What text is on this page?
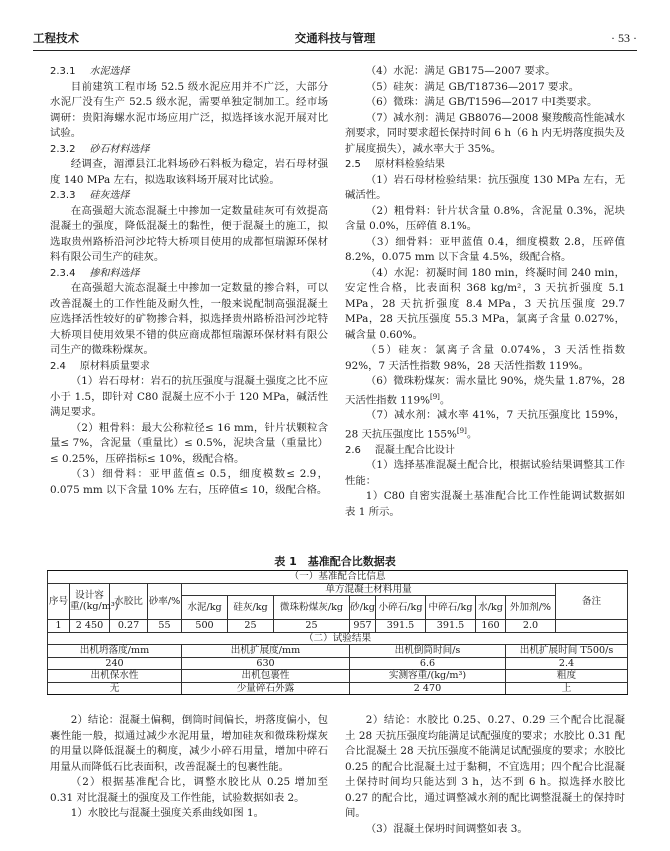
工程技术	交通科技与管理	· 53 ·

2.3.1 水泥选择

目前建筑工程市场 52.5 级水泥应用并不广泛，大部分水泥厂没有生产 52.5 级水泥，需要单独定制加工。经市场调研：贵阳海螺水泥市场应用广泛，拟选择该水泥开展对比试验。

2.3.2 砂石材料选择

经调查，湄潭县江北料场砂石料板为稳定，岩石母材强度 140 MPa 左右，拟选取该料场开展对比试验。

2.3.3 硅灰选择

在高强超大流态混凝土中掺加一定数量硅灰可有效提高混凝土的强度，降低混凝土的黏性，便于混凝土的施工，拟选取贵州路桥沿河沙坨特大桥项目使用的成都恒瑞源环保材料有限公司生产的硅灰。

2.3.4 掺和料选择

在高强超大流态混凝土中掺加一定数量的掺合料，可以改善混凝土的工作性能及耐久性，一般来说配制高强混凝土应选择活性较好的矿物掺合料，拟选择贵州路桥沿河沙坨特大桥项目使用效果不错的供应商成都恒瑞源环保材料有限公司生产的微珠粉煤灰。

2.4 原材料质量要求

（1）岩石母材：岩石的抗压强度与混凝土强度之比不应小于 1.5，即针对 C80 混凝土应不小于 120 MPa，碱活性满足要求。

（2）粗骨料：最大公称粒径≤ 16 mm，针片状颗粒含量≤ 7%，含泥量（重量比）≤ 0.5%，泥块含量（重量比）≤ 0.25%，压碎指标≤ 10%，级配合格。

（3）细骨料：亚甲蓝值≤ 0.5，细度模数≤ 2.9，0.075 mm 以下含量 10% 左右，压碎值≤ 10，级配合格。

（4）水泥：满足 GB175—2007 要求。

（5）硅灰：满足 GB/T18736—2017 要求。

（6）微珠：满足 GB/T1596—2017 中Ⅰ类要求。

（7）减水剂：满足 GB8076—2008 聚羧酸高性能减水剂要求，同时要求超长保持时间 6 h（6 h 内无坍落度损失及扩展度损失），减水率大于 35%。

2.5 原材料检验结果

（1）岩石母材检验结果：抗压强度 130 MPa 左右，无碱活性。

（2）粗骨料：针片状含量 0.8%，含泥量 0.3%，泥块含量 0.0%，压碎值 8.1%。

（3）细骨料：亚甲蓝值 0.4，细度模数 2.8，压碎值 8.2%，0.075 mm 以下含量 4.5%，级配合格。

（4）水泥：初凝时间 180 min，终凝时间 240 min，安定性合格，比表面积 368 kg/m²，3 天抗折强度 5.1 MPa，28 天抗折强度 8.4 MPa，3 天抗压强度 29.7 MPa，28 天抗压强度 55.3 MPa，氯离子含量 0.027%，碱含量 0.60%。

（5）硅灰：氯离子含量 0.074%，3 天活性指数 92%，7 天活性指数 98%，28 天活性指数 119%。

（6）微珠粉煤灰：需水量比 90%，烧失量 1.87%，28 天活性指数 119%[9]。

（7）减水剂：减水率 41%，7 天抗压强度比 159%，28 天抗压强度比 155%[9]。

2.6 混凝土配合比设计

（1）选择基准混凝土配合比，根据试验结果调整其工作性能：

1）C80 自密实混凝土基准配合比工作性能调试数据如表 1 所示。

表 1　基准配合比数据表
（一）基准配合比信息												
序号	设计容重/(kg/m³)	水胶比	砂率/%	单方混凝土材料用量								备注
				水泥/kg	硅灰/kg	微珠粉煤灰/kg	砂/kg	小碎石/kg	中碎石/kg	水/kg	外加剂/%	
1	2 450	0.27	55	500	25	25	957	391.5	391.5	160	2.0	
（二）试验结果												
出机坍落度/mm				出机扩展度/mm			出机倒筒时间/s				出机扩展时间 T500/s	
240				630			6.6				2.4	
出机保水性				出机包裹性			实测容重/(kg/m³)				粗度	
无				少量碎石外露			2 470				上	

2）结论：混凝土偏稠，倒筒时间偏长，坍落度偏小，包裹性能一般，拟通过减少水泥用量，增加硅灰和微珠粉煤灰的用量以降低混凝土的稠度，减少小碎石用量，增加中碎石用量从而降低石比表面积，改善混凝土的包裹性能。

（2）根据基准配合比，调整水胶比从 0.25 增加至 0.31 对比混凝土的强度及工作性能，试验数据如表 2。

1）水胶比与混凝土强度关系曲线如图 1。

2）结论：水胶比 0.25、0.27、0.29 三个配合比混凝土 28 天抗压强度均能满足试配强度的要求；水胶比 0.31 配合比混凝土 28 天抗压强度不能满足试配强度的要求；水胶比 0.25 的配合比混凝土过于黏稠，不宜选用；四个配合比混凝土保持时间均只能达到 3 h，达不到 6 h。拟选择水胶比 0.27 的配合比，通过调整减水剂的配比调整混凝土的保持时间。

（3）混凝土保坍时间调整如表 3。
